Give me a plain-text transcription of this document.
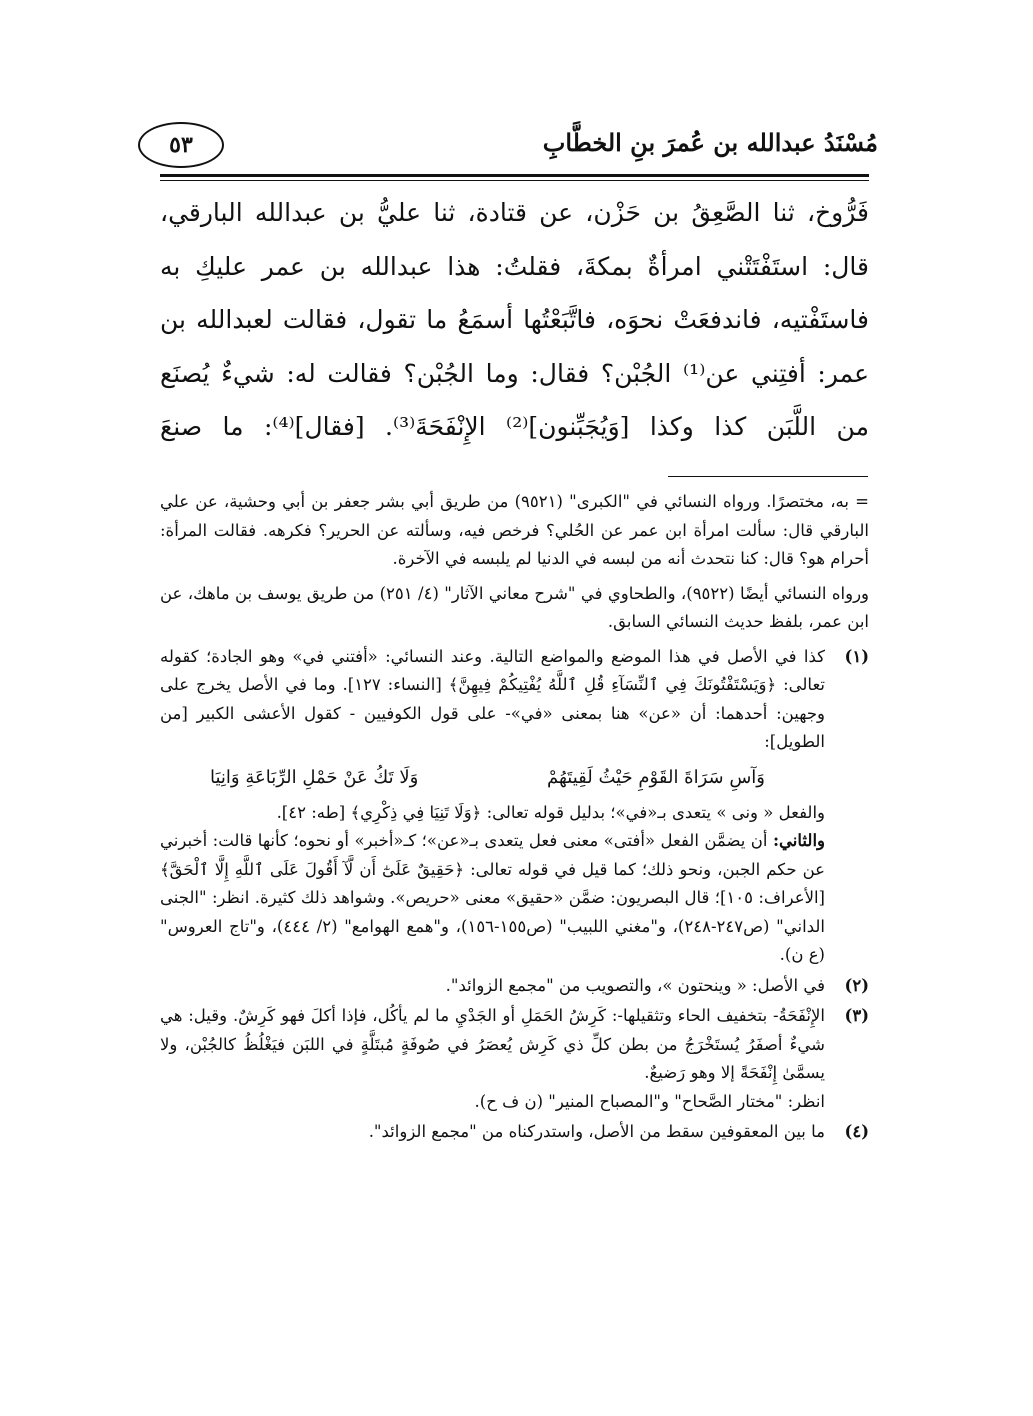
مُسْنَدُ عبدالله بن عُمرَ بنِ الخطَّابِ
٥٣
فَرُّوخ، ثنا الصَّعِقُ بن حَزْن، عن قتادة، ثنا عليُّ بن عبدالله البارقي،
قال: استَفْتَتْني امرأةٌ بمكةَ، فقلتُ: هذا عبدالله بن عمر عليكِ به
فاستَفْتيه، فاندفعَتْ نحوَه، فاتَّبَعْتُها أسمَعُ ما تقول، فقالت لعبدالله بن
عمر: أفتِني عن⁽¹⁾ الجُبْن؟ فقال: وما الجُبْن؟ فقالت له: شيءٌ يُصنَع
من اللَّبَن كذا وكذا [وَيُجَبِّنون]⁽²⁾ الإِنْفَحَةَ⁽³⁾. [فقال]⁽⁴⁾: ما صنعَ

= به، مختصرًا. ورواه النسائي في "الكبرى" (٩٥٢١) من طريق أبي بشر جعفر بن أبي وحشية، عن علي البارقي قال: سألت امرأة ابن عمر عن الحُلي؟ فرخص فيه، وسألته عن الحرير؟ فكرهه. فقالت المرأة: أحرام هو؟ قال: كنا نتحدث أنه من لبسه في الدنيا لم يلبسه في الآخرة.

ورواه النسائي أيضًا (٩٥٢٢)، والطحاوي في "شرح معاني الآثار" (٤/ ٢٥١) من طريق يوسف بن ماهك، عن ابن عمر، بلفظ حديث النسائي السابق.

(١)
كذا في الأصل في هذا الموضع والمواضع التالية. وعند النسائي: «أفتني في» وهو الجادة؛ كقوله تعالى: ﴿وَيَسْتَفْتُونَكَ فِي ٱلنِّسَآءِ قُلِ ٱللَّهُ يُفْتِيكُمْ فِيهِنَّ﴾ [النساء: ١٢٧]. وما في الأصل يخرج على وجهين: أحدهما: أن «عن» هنا بمعنى «في»- على قول الكوفيين - كقول الأعشى الكبير [من الطويل]:
وَآسِ سَرَاةَ القَوْمِ حَيْثُ لَقِيتَهُمْ
وَلَا تَكُ عَنْ حَمْلِ الرِّبَاعَةِ وَانِيَا
والفعل « ونى » يتعدى بـ«في»؛ بدليل قوله تعالى: ﴿وَلَا تَنِيَا فِي ذِكْرِي﴾ [طه: ٤٢].
والثاني: أن يضمَّن الفعل «أفتى» معنى فعل يتعدى بـ«عن»؛ كـ«أخبر» أو نحوه؛ كأنها قالت: أخبرني عن حكم الجبن، ونحو ذلك؛ كما قيل في قوله تعالى: ﴿حَقِيقٌ عَلَىٰٓ أَن لَّآ أَقُولَ عَلَى ٱللَّهِ إِلَّا ٱلْحَقَّ﴾ [الأعراف: ١٠٥]؛ قال البصريون: ضمَّن «حقيق» معنى «حريص». وشواهد ذلك كثيرة. انظر: "الجنى الداني" (ص٢٤٧-٢٤٨)، و"مغني اللبيب" (ص١٥٥-١٥٦)، و"همع الهوامع" (٢/ ٤٤٤)، و"تاج العروس"(ع ن).
(٢)
في الأصل: « وينحتون »، والتصويب من "مجمع الزوائد".
(٣)
الإِنْفَحَةُ- بتخفيف الحاء وتثقيلها-: كَرِشُ الحَمَلِ أو الجَدْيِ ما لم يأكُل، فإذا أكلَ فهو كَرِشٌ. وقيل: هي شيءٌ أصفَرُ يُستَخْرَجُ من بطن كلِّ ذي كَرِش يُعصَرُ في صُوفَةٍ مُبتَلَّةٍ في اللبَن فيَغْلُظُ كالجُبْن، ولا يسمَّىٰ إِنْفَحَةً إلا وهو رَضيعٌ.
انظر: "مختار الصَّحاح" و"المصباح المنير" (ن ف ح).
(٤)
ما بين المعقوفين سقط من الأصل، واستدركناه من "مجمع الزوائد".
